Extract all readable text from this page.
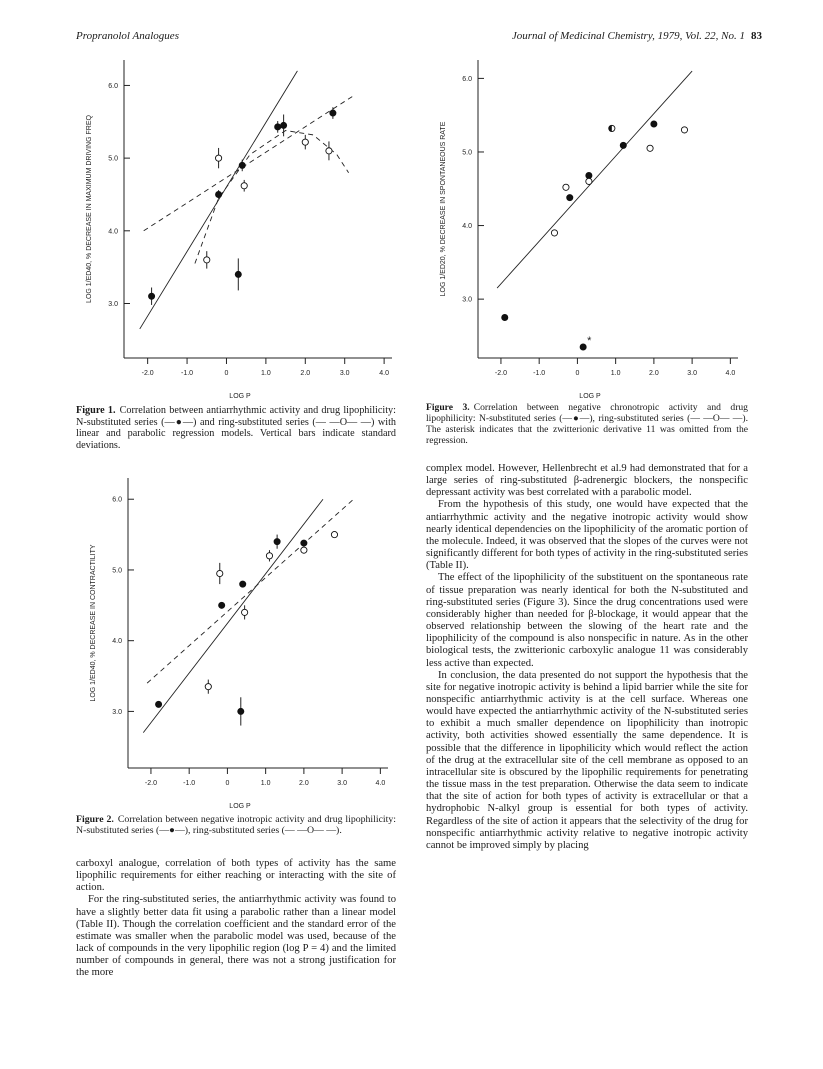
Propranolol Analogues	Journal of Medicinal Chemistry, 1979, Vol. 22, No. 1 83
-2.0	-1.0	0	1.0	2.0	3.0	4.0
3.0
4.0
5.0
6.0
LOG P
LOG 1/ED40, % DECREASE IN MAXIMUM DRIVING FREQ
-2.0	-1.0	0	1.0	2.0	3.0	4.0
3.0
4.0
5.0
6.0
LOG P
LOG 1/ED20, % DECREASE IN SPONTANEOUS RATE
*
-2.0	-1.0	0	1.0	2.0	3.0	4.0
3.0
4.0
5.0
6.0
LOG P
LOG 1/ED40, % DECREASE IN CONTRACTILITY
Figure 1. Correlation between antiarrhythmic activity and drug lipophilicity: N-substituted series (—●—) and ring-substituted series (— —O— —) with linear and parabolic regression models. Vertical bars indicate standard deviations.
Figure 3. Correlation between negative chronotropic activity and drug lipophilicity: N-substituted series (—●—), ring-substituted series (— —O— —). The asterisk indicates that the zwitterionic derivative 11 was omitted from the regression.
Figure 2. Correlation between negative inotropic activity and drug lipophilicity: N-substituted series (—●—), ring-substituted series (— —O— —).

carboxyl analogue, correlation of both types of activity has the same lipophilic requirements for either reaching or interacting with the site of action.

For the ring-substituted series, the antiarrhythmic activity was found to have a slightly better data fit using a parabolic rather than a linear model (Table II). Though the correlation coefficient and the standard error of the estimate was smaller when the parabolic model was used, because of the lack of compounds in the very lipophilic region (log P = 4) and the limited number of compounds in general, there was not a strong justification for the more

complex model. However, Hellenbrecht et al.9 had demonstrated that for a large series of ring-substituted β-adrenergic blockers, the nonspecific depressant activity was best correlated with a parabolic model.

From the hypothesis of this study, one would have expected that the antiarrhythmic activity and the negative inotropic activity would show nearly identical dependencies on the lipophilicity of the aromatic portion of the molecule. Indeed, it was observed that the slopes of the curves were not significantly different for both types of activity in the ring-substituted series (Table II).

The effect of the lipophilicity of the substituent on the spontaneous rate of tissue preparation was nearly identical for both the N-substituted and ring-substituted series (Figure 3). Since the drug concentrations used were considerably higher than needed for β-blockage, it would appear that the observed relationship between the slowing of the heart rate and the lipophilicity of the compound is also nonspecific in nature. As in the other biological tests, the zwitterionic carboxylic analogue 11 was considerably less active than expected.

In conclusion, the data presented do not support the hypothesis that the site for negative inotropic activity is behind a lipid barrier while the site for nonspecific antiarrhythmic activity is at the cell surface. Whereas one would have expected the antiarrhythmic activity of the N-substituted series to exhibit a much smaller dependence on lipophilicity than inotropic activity, both activities showed essentially the same dependence. It is possible that the difference in lipophilicity which would reflect the action of the drug at the extracellular site of the cell membrane as opposed to an intracellular site is obscured by the lipophilic requirements for penetrating the tissue mass in the test preparation. Otherwise the data seem to indicate that the site of action for both types of activity is extracellular or that a hydrophobic N-alkyl group is essential for both types of activity. Regardless of the site of action it appears that the selectivity of the drug for nonspecific antiarrhythmic activity relative to negative inotropic activity cannot be improved simply by placing
